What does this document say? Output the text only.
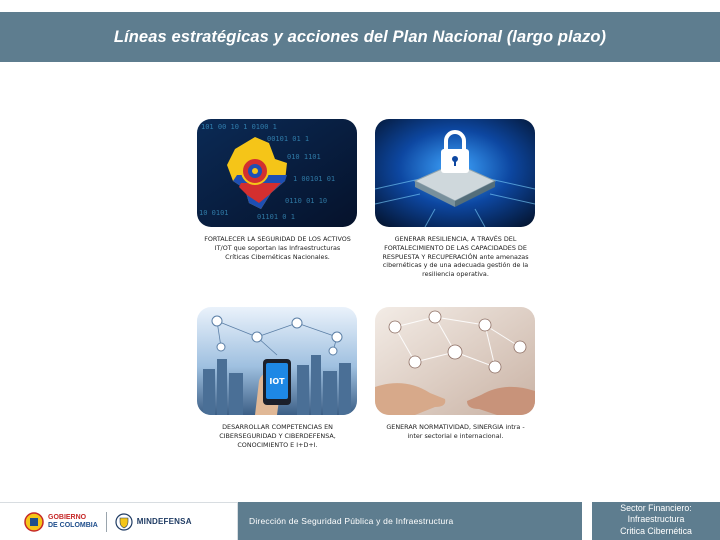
Líneas estratégicas y acciones del Plan Nacional (largo plazo)
101 00 10 1 0100 1
00101 01 1
010 1101
1 00101 01
0110 01 10
01101 0 1
10 0101
FORTALECER LA SEGURIDAD DE LOS ACTIVOS
IT/OT que soportan las Infraestructuras
Críticas Cibernéticas Nacionales.
GENERAR RESILIENCIA, A TRAVÉS DEL
FORTALECIMIENTO DE LAS CAPACIDADES DE
RESPUESTA Y RECUPERACIÓN ante amenazas
cibernéticas y de una adecuada gestión de la
resiliencia operativa.
IOT
DESARROLLAR COMPETENCIAS EN
CIBERSEGURIDAD Y CIBERDEFENSA,
CONOCIMIENTO E I+D+I.
GENERAR NORMATIVIDAD, SINERGIA intra -
inter sectorial e internacional.
GOBIERNO
DE COLOMBIA	MINDEFENSA	Dirección de Seguridad Pública y de Infraestructura
Sector Financiero:
Infraestructura
Critica Cibernética
